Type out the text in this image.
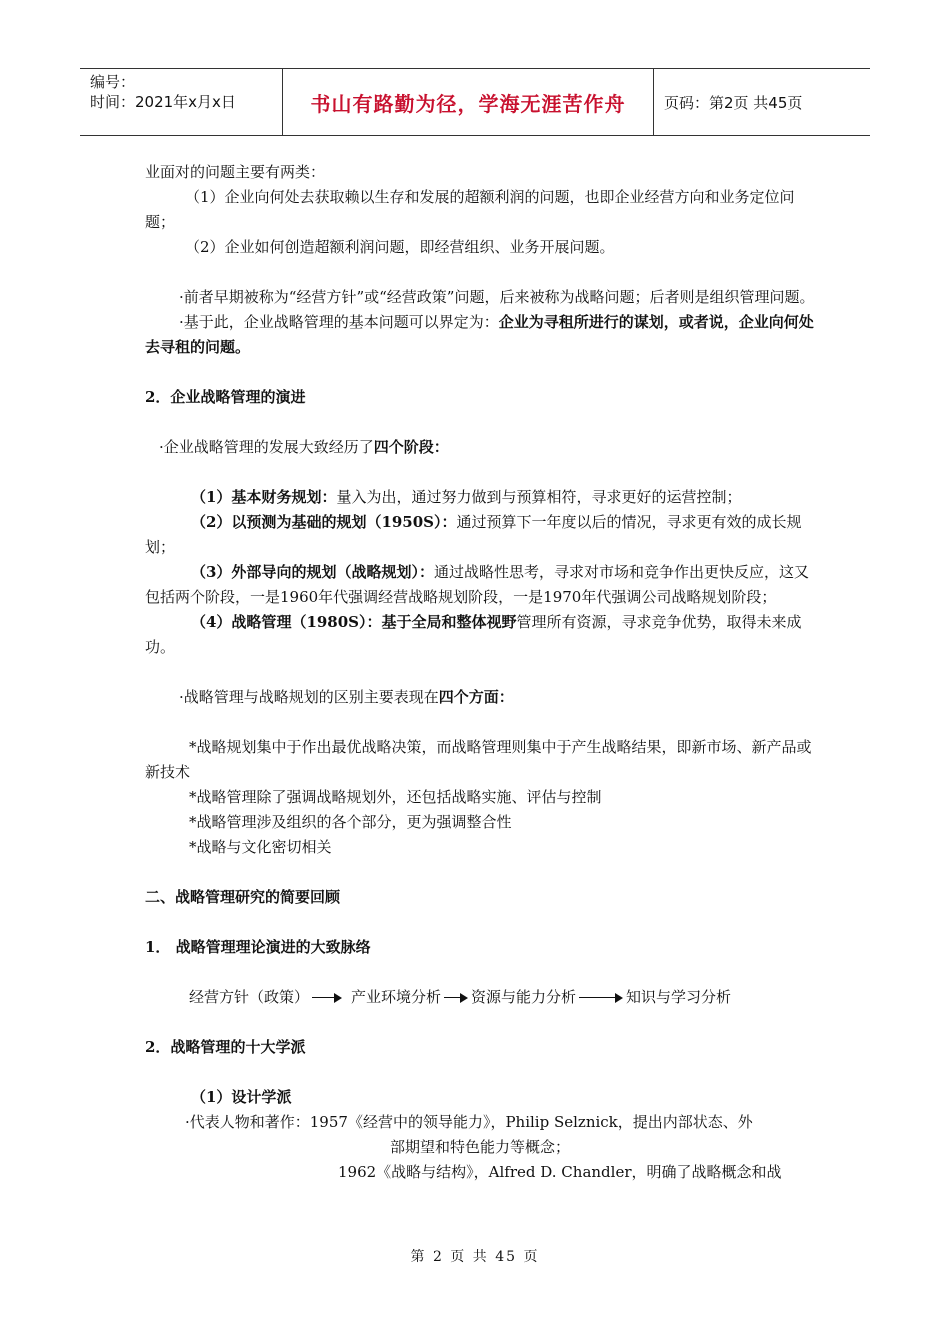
编号：
时间：2021年x月x日	书山有路勤为径，学海无涯苦作舟	页码：第2页 共45页

业面对的问题主要有两类：

（1）企业向何处去获取赖以生存和发展的超额利润的问题，也即企业经营方向和业务定位问题；

（2）企业如何创造超额利润问题，即经营组织、业务开展问题。

·前者早期被称为“经营方针”或“经营政策”问题，后来被称为战略问题；后者则是组织管理问题。

·基于此，企业战略管理的基本问题可以界定为：企业为寻租所进行的谋划，或者说，企业向何处去寻租的问题。

2．企业战略管理的演进

·企业战略管理的发展大致经历了四个阶段：

（1）基本财务规划：量入为出，通过努力做到与预算相符，寻求更好的运营控制；

（2）以预测为基础的规划（1950S）：通过预算下一年度以后的情况，寻求更有效的成长规划；

（3）外部导向的规划（战略规划）：通过战略性思考，寻求对市场和竞争作出更快反应，这又包括两个阶段，一是1960年代强调经营战略规划阶段，一是1970年代强调公司战略规划阶段；

（4）战略管理（1980S）：基于全局和整体视野管理所有资源，寻求竞争优势，取得未来成功。

·战略管理与战略规划的区别主要表现在四个方面：

*战略规划集中于作出最优战略决策，而战略管理则集中于产生战略结果，即新市场、新产品或新技术

*战略管理除了强调战略规划外，还包括战略实施、评估与控制

*战略管理涉及组织的各个部分，更为强调整合性

*战略与文化密切相关

二、战略管理研究的简要回顾

1． 战略管理理论演进的大致脉络

经营方针（政策）	产业环境分析 资源与能力分析	知识与学习分析

2．战略管理的十大学派

（1）设计学派

·代表人物和著作：1957《经营中的领导能力》，Philip Selznick，提出内部状态、外

部期望和特色能力等概念；

1962《战略与结构》，Alfred D. Chandler，明确了战略概念和战

第 2 页 共 45 页
